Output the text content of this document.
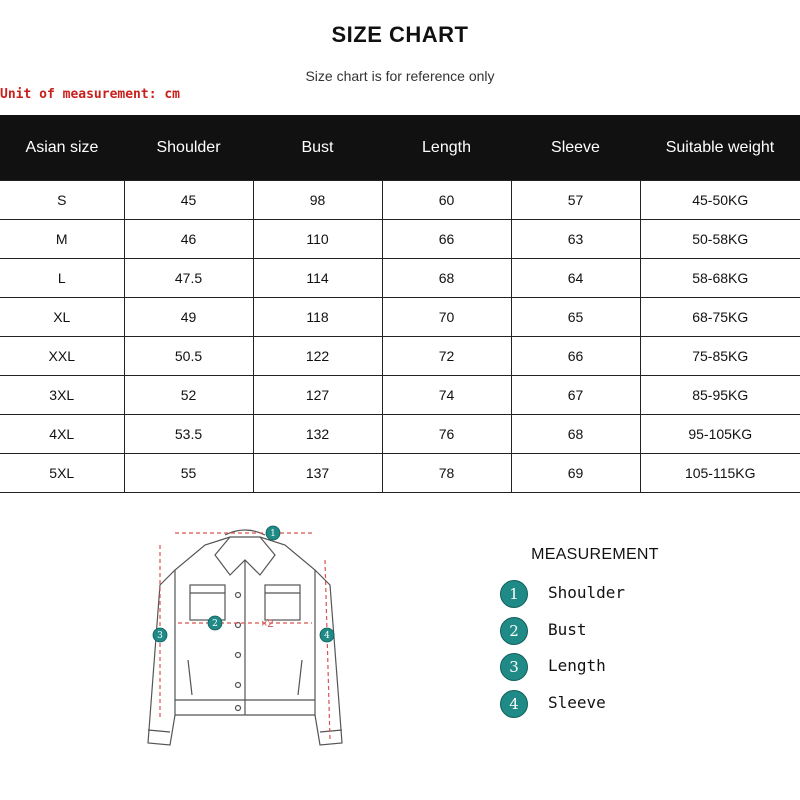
SIZE CHART
Size chart is for reference only
Unit of measurement: cm
Asian size	Shoulder	Bust	Length	Sleeve	Suitable weight
S	45	98	60	57	45-50KG
M	46	110	66	63	50-58KG
L	47.5	114	68	64	58-68KG
XL	49	118	70	65	68-75KG
XXL	50.5	122	72	66	75-85KG
3XL	52	127	74	67	85-95KG
4XL	53.5	132	76	68	95-105KG
5XL	55	137	78	69	105-115KG
1
2
3	4
×2
MEASUREMENT
1	Shoulder
2	Bust
3	Length
4	Sleeve
